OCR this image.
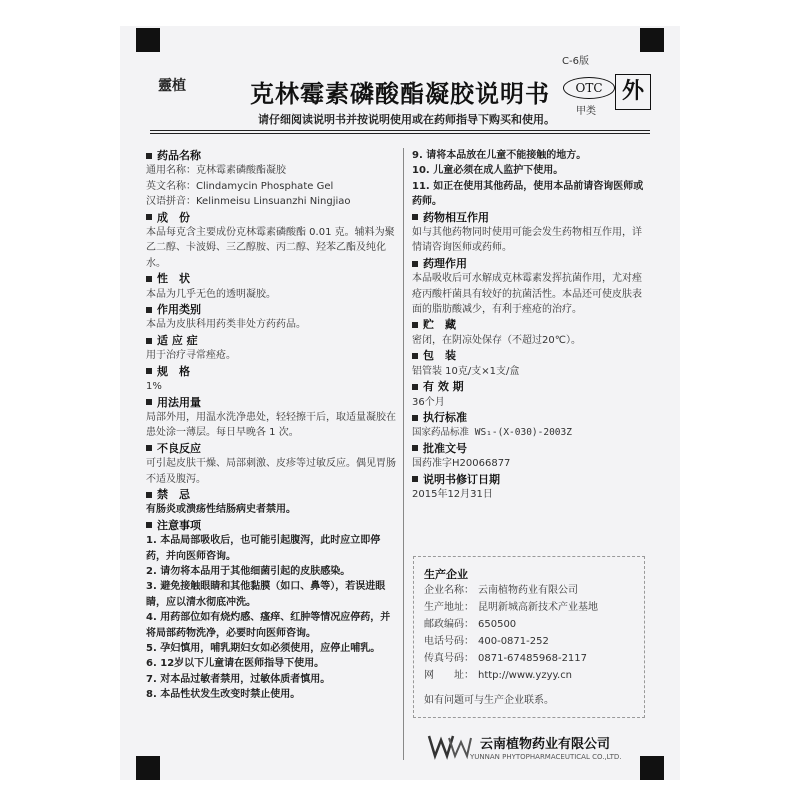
C-6版
靈植	克林霉素磷酸酯凝胶说明书	OTC
甲类
外
请仔细阅读说明书并按说明使用或在药师指导下购买和使用。
药品名称

通用名称：克林霉素磷酸酯凝胶

英文名称：Clindamycin Phosphate Gel

汉语拼音：Kelinmeisu Linsuanzhi Ningjiao

成　份

本品每克含主要成份克林霉素磷酸酯 0.01 克。辅料为聚乙二醇、卡波姆、三乙醇胺、丙二醇、羟苯乙酯及纯化水。

性　状

本品为几乎无色的透明凝胶。

作用类别

本品为皮肤科用药类非处方药药品。

适 应 症

用于治疗寻常痤疮。

规　格

1%

用法用量

局部外用，用温水洗净患处，轻轻擦干后，取适量凝胶在患处涂一薄层。每日早晚各 1 次。

不良反应

可引起皮肤干燥、局部刺激、皮疹等过敏反应。偶见胃肠不适及腹泻。

禁　忌

有肠炎或溃疡性结肠病史者禁用。

注意事项

1. 本品局部吸收后，也可能引起腹泻，此时应立即停药，并向医师咨询。

2. 请勿将本品用于其他细菌引起的皮肤感染。

3. 避免接触眼睛和其他黏膜（如口、鼻等），若误进眼睛，应以清水彻底冲洗。

4. 用药部位如有烧灼感、瘙痒、红肿等情况应停药，并将局部药物洗净，必要时向医师咨询。

5. 孕妇慎用，哺乳期妇女如必须使用，应停止哺乳。

6. 12岁以下儿童请在医师指导下使用。

7. 对本品过敏者禁用，过敏体质者慎用。

8. 本品性状发生改变时禁止使用。

9. 请将本品放在儿童不能接触的地方。

10. 儿童必须在成人监护下使用。

11. 如正在使用其他药品，使用本品前请咨询医师或药师。

药物相互作用

如与其他药物同时使用可能会发生药物相互作用，详情请咨询医师或药师。

药理作用

本品吸收后可水解成克林霉素发挥抗菌作用，尤对痤疮丙酸杆菌具有较好的抗菌活性。本品还可使皮肤表面的脂肪酸减少，有利于痤疮的治疗。

贮　藏

密闭，在阴凉处保存（不超过20℃）。

包　装

铝管装 10克/支×1支/盒

有 效 期

36个月

执行标准

国家药品标准 WS₁-(X-030)-2003Z

批准文号

国药准字H20066877

说明书修订日期

2015年12月31日

生产企业
企业名称： 云南植物药业有限公司
生产地址： 昆明新城高新技术产业基地
邮政编码： 650500
电话号码： 400-0871-252
传真号码： 0871-67485968-2117
网　　址： http://www.yzyy.cn
如有问题可与生产企业联系。
云南植物药业有限公司
YUNNAN PHYTOPHARMACEUTICAL CO.,LTD.
